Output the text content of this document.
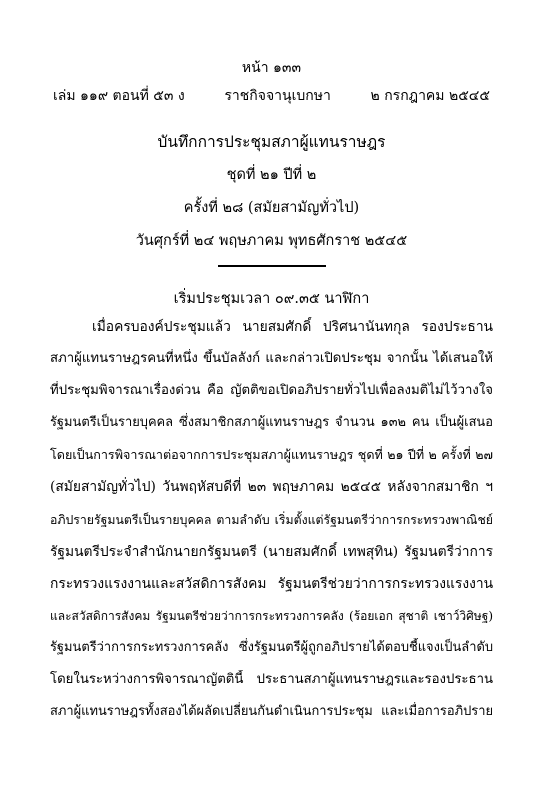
หน้า ๑๓๓
เล่ม ๑๑๙ ตอนที่ ๕๓ ง	ราชกิจจานุเบกษา	๒ กรกฎาคม ๒๕๔๕
บันทึกการประชุมสภาผู้แทนราษฎร
ชุดที่ ๒๑ ปีที่ ๒
ครั้งที่ ๒๘ (สมัยสามัญทั่วไป)
วันศุกร์ที่ ๒๔ พฤษภาคม พุทธศักราช ๒๕๔๕
เริ่มประชุมเวลา ๐๙.๓๕ นาฬิกา
เมื่อครบองค์ประชุมแล้ว นายสมศักดิ์ ปริศนานันทกุล รองประธาน
สภาผู้แทนราษฎรคนที่หนึ่ง ขึ้นบัลลังก์ และกล่าวเปิดประชุม จากนั้น ได้เสนอให้
ที่ประชุมพิจารณาเรื่องด่วน คือ ญัตติขอเปิดอภิปรายทั่วไปเพื่อลงมติไม่ไว้วางใจ
รัฐมนตรีเป็นรายบุคคล ซึ่งสมาชิกสภาผู้แทนราษฎร จำนวน ๑๓๒ คน เป็นผู้เสนอ
โดยเป็นการพิจารณาต่อจากการประชุมสภาผู้แทนราษฎร ชุดที่ ๒๑ ปีที่ ๒ ครั้งที่ ๒๗
(สมัยสามัญทั่วไป) วันพฤหัสบดีที่ ๒๓ พฤษภาคม ๒๕๔๕ หลังจากสมาชิก ฯ
อภิปรายรัฐมนตรีเป็นรายบุคคล ตามลำดับ เริ่มตั้งแต่รัฐมนตรีว่าการกระทรวงพาณิชย์
รัฐมนตรีประจำสำนักนายกรัฐมนตรี (นายสมศักดิ์ เทพสุทิน) รัฐมนตรีว่าการ
กระทรวงแรงงานและสวัสดิการสังคม รัฐมนตรีช่วยว่าการกระทรวงแรงงาน
และสวัสดิการสังคม รัฐมนตรีช่วยว่าการกระทรวงการคลัง (ร้อยเอก สุชาติ เชาว์วิศิษฐ)
รัฐมนตรีว่าการกระทรวงการคลัง ซึ่งรัฐมนตรีผู้ถูกอภิปรายได้ตอบชี้แจงเป็นลำดับ
โดยในระหว่างการพิจารณาญัตตินี้ ประธานสภาผู้แทนราษฎรและรองประธาน
สภาผู้แทนราษฎรทั้งสองได้ผลัดเปลี่ยนกันดำเนินการประชุม และเมื่อการอภิปราย
